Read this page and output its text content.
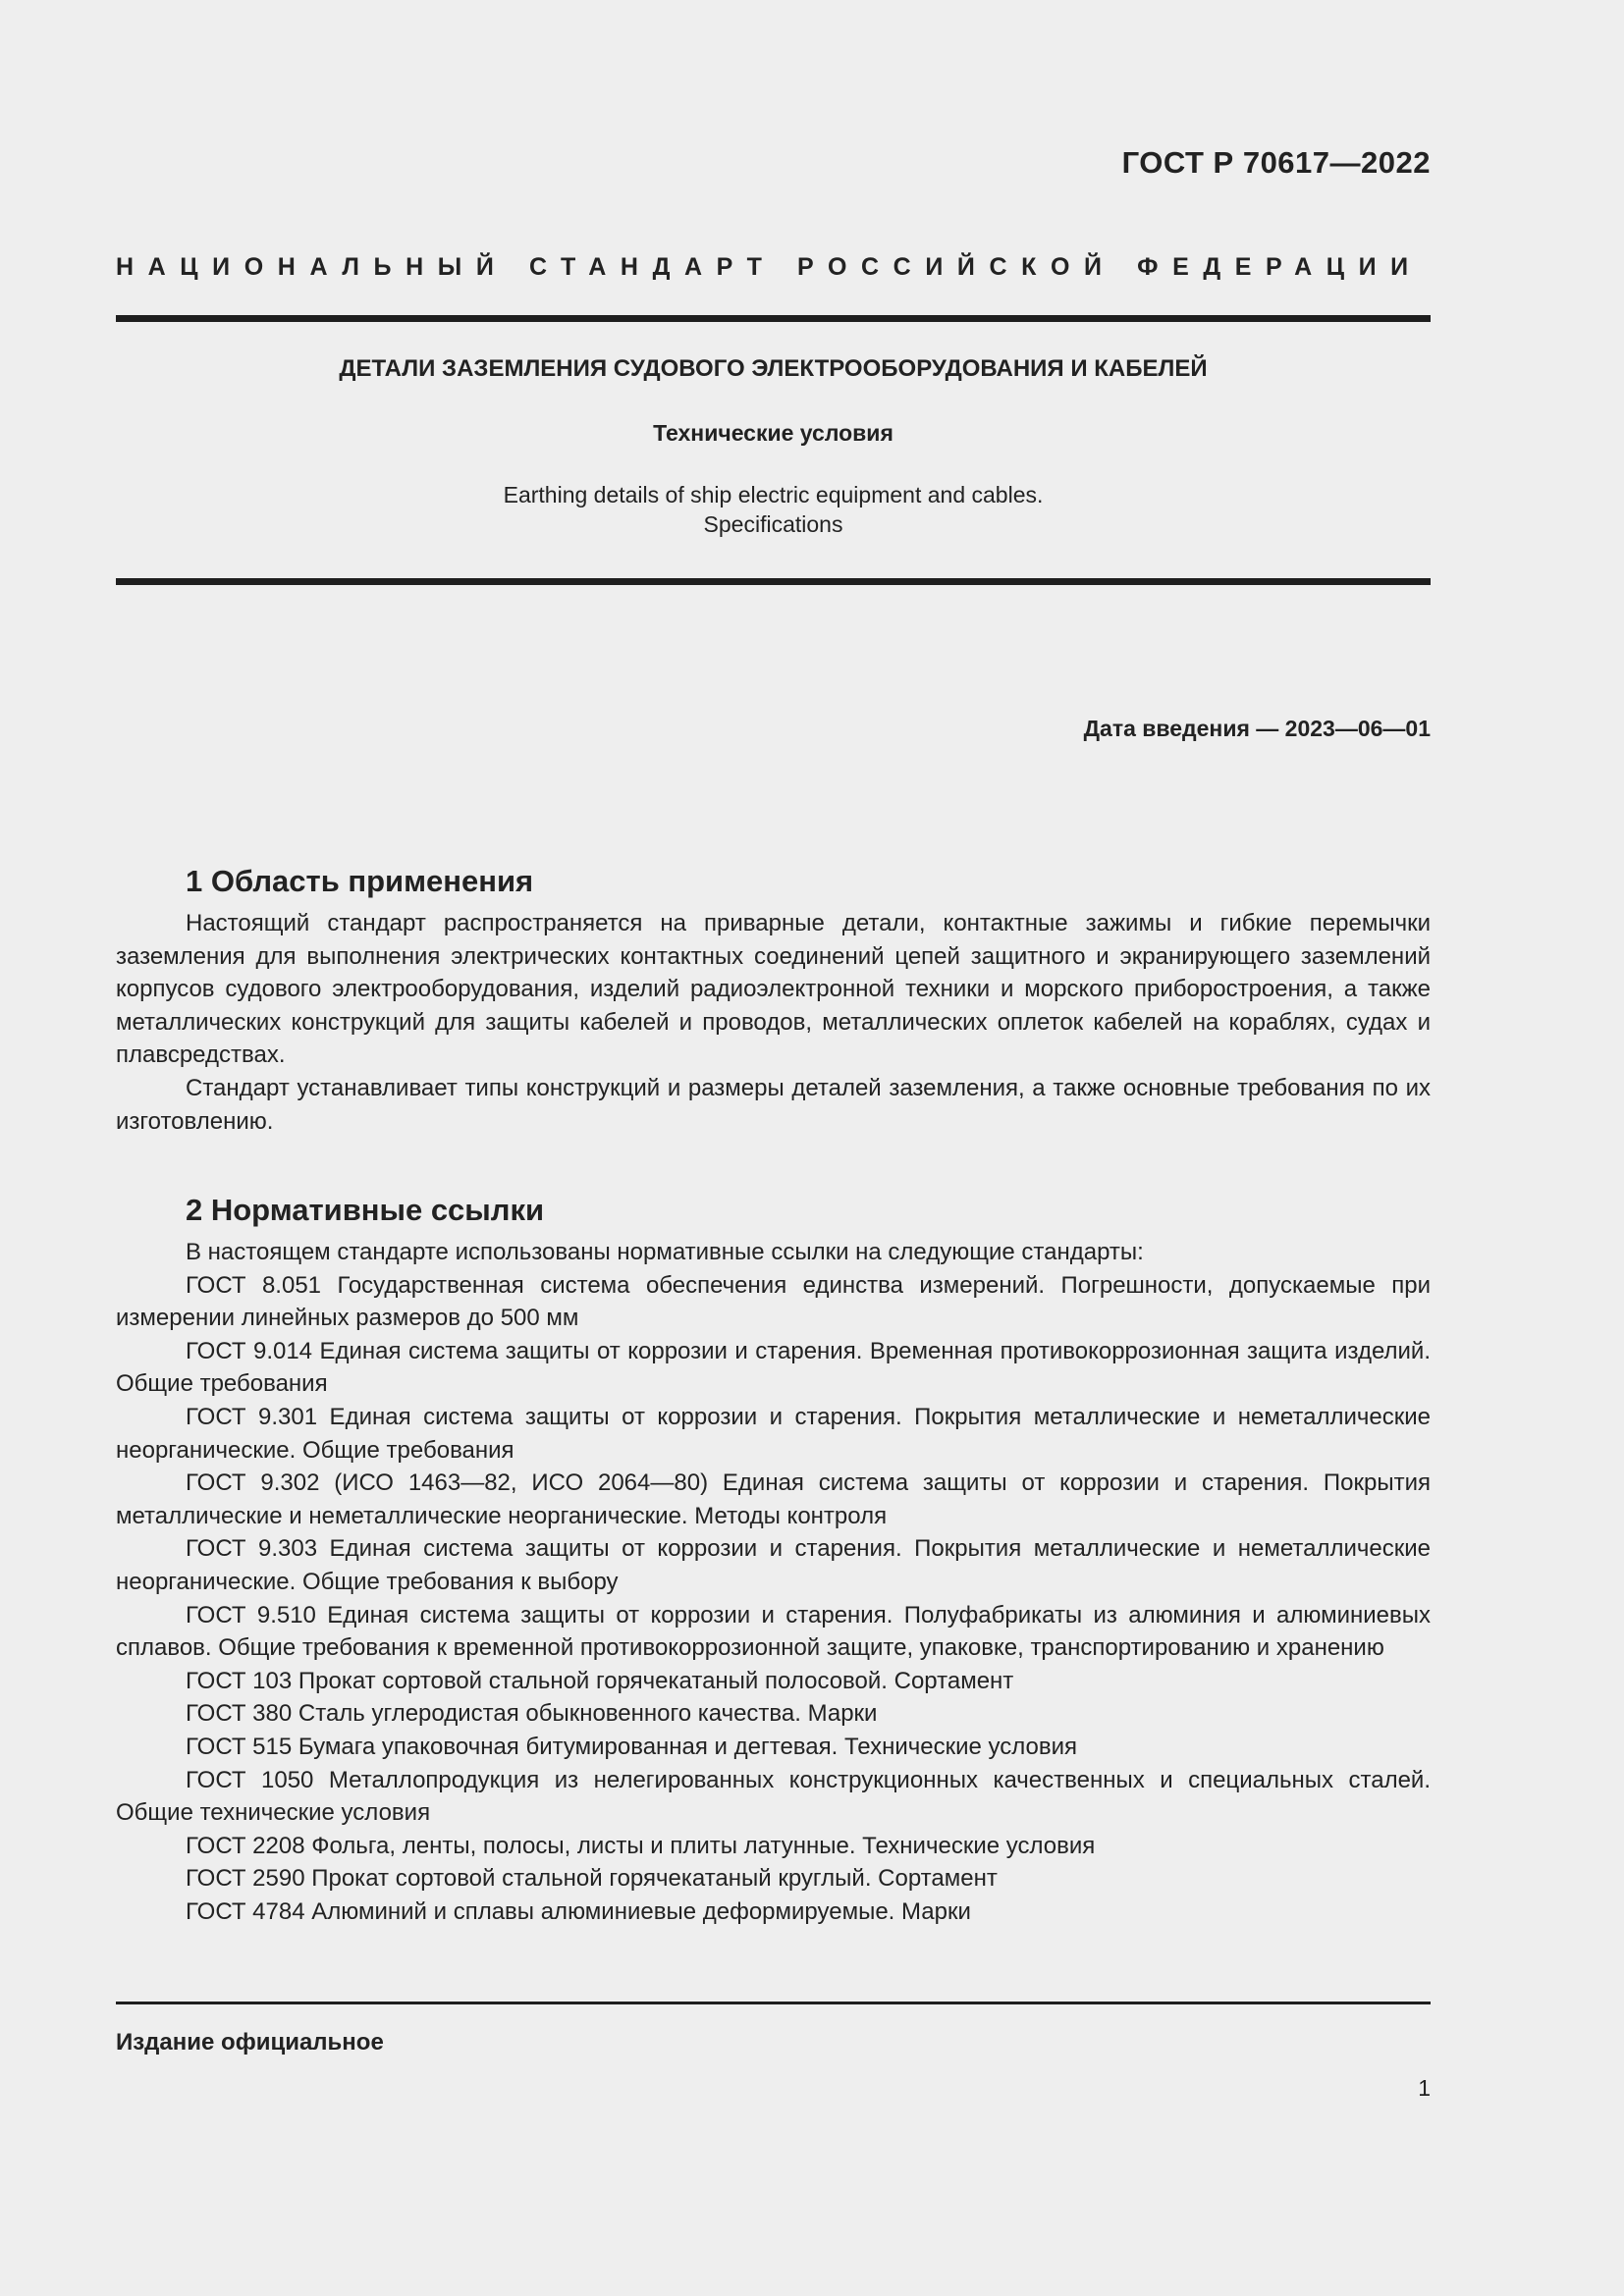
ГОСТ Р 70617—2022
НАЦИОНАЛЬНЫЙ СТАНДАРТ РОССИЙСКОЙ ФЕДЕРАЦИИ
ДЕТАЛИ ЗАЗЕМЛЕНИЯ СУДОВОГО ЭЛЕКТРООБОРУДОВАНИЯ И КАБЕЛЕЙ
Технические условия
Earthing details of ship electric equipment and cables.
Specifications
Дата введения — 2023—06—01
1 Область применения

Настоящий стандарт распространяется на приварные детали, контактные зажимы и гибкие перемычки заземления для выполнения электрических контактных соединений цепей защитного и экранирующего заземлений корпусов судового электрооборудования, изделий радиоэлектронной техники и морского приборостроения, а также металлических конструкций для защиты кабелей и проводов, металлических оплеток кабелей на кораблях, судах и плавсредствах.

Стандарт устанавливает типы конструкций и размеры деталей заземления, а также основные требования по их изготовлению.

2 Нормативные ссылки

В настоящем стандарте использованы нормативные ссылки на следующие стандарты:

ГОСТ 8.051 Государственная система обеспечения единства измерений. Погрешности, допускаемые при измерении линейных размеров до 500 мм

ГОСТ 9.014 Единая система защиты от коррозии и старения. Временная противокоррозионная защита изделий. Общие требования

ГОСТ 9.301 Единая система защиты от коррозии и старения. Покрытия металлические и неметаллические неорганические. Общие требования

ГОСТ 9.302 (ИСО 1463—82, ИСО 2064—80) Единая система защиты от коррозии и старения. Покрытия металлические и неметаллические неорганические. Методы контроля

ГОСТ 9.303 Единая система защиты от коррозии и старения. Покрытия металлические и неметаллические неорганические. Общие требования к выбору

ГОСТ 9.510 Единая система защиты от коррозии и старения. Полуфабрикаты из алюминия и алюминиевых сплавов. Общие требования к временной противокоррозионной защите, упаковке, транспортированию и хранению

ГОСТ 103 Прокат сортовой стальной горячекатаный полосовой. Сортамент

ГОСТ 380 Сталь углеродистая обыкновенного качества. Марки

ГОСТ 515 Бумага упаковочная битумированная и дегтевая. Технические условия

ГОСТ 1050 Металлопродукция из нелегированных конструкционных качественных и специальных сталей. Общие технические условия

ГОСТ 2208 Фольга, ленты, полосы, листы и плиты латунные. Технические условия

ГОСТ 2590 Прокат сортовой стальной горячекатаный круглый. Сортамент

ГОСТ 4784 Алюминий и сплавы алюминиевые деформируемые. Марки

Издание официальное
1
